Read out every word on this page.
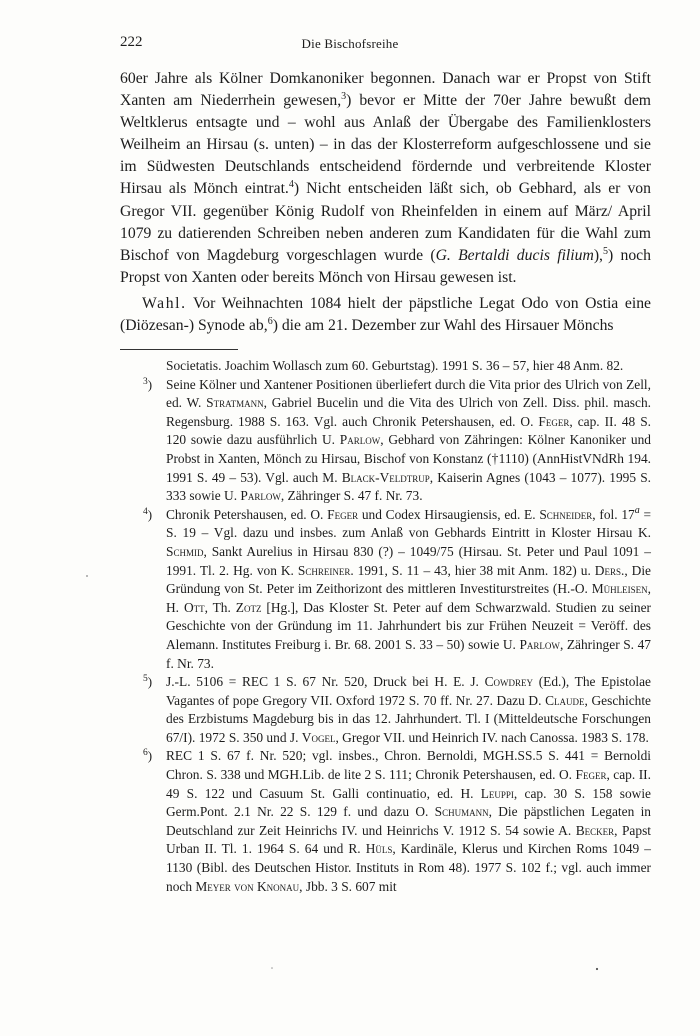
222	Die Bischofsreihe

60er Jahre als Kölner Domkanoniker begonnen. Danach war er Propst von Stift Xanten am Niederrhein gewesen,$^3$) bevor er Mitte der 70er Jahre bewußt dem Weltklerus entsagte und – wohl aus Anlaß der Übergabe des Familienklosters Weilheim an Hirsau (s. unten) – in das der Klosterreform aufgeschlossene und sie im Südwesten Deutschlands entscheidend fördernde und verbreitende Kloster Hirsau als Mönch eintrat.$^4$) Nicht entscheiden läßt sich, ob Gebhard, als er von Gregor VII. gegenüber König Rudolf von Rheinfelden in einem auf März/ April 1079 zu datierenden Schreiben neben anderen zum Kandidaten für die Wahl zum Bischof von Magdeburg vorgeschlagen wurde (G. Bertaldi ducis filium),$^5$) noch Propst von Xanten oder bereits Mönch von Hirsau gewesen ist.

Wahl. Vor Weihnachten 1084 hielt der päpstliche Legat Odo von Ostia eine (Diözesan-) Synode ab,$^6$) die am 21. Dezember zur Wahl des Hirsauer Mönchs

Societatis. Joachim Wollasch zum 60. Geburtstag). 1991 S. 36 – 57, hier 48 Anm. 82.

$^3$) Seine Kölner und Xantener Positionen überliefert durch die Vita prior des Ulrich von Zell, ed. W. Stratmann, Gabriel Bucelin und die Vita des Ulrich von Zell. Diss. phil. masch. Regensburg. 1988 S. 163. Vgl. auch Chronik Petershausen, ed. O. Feger, cap. II. 48 S. 120 sowie dazu ausführlich U. Parlow, Gebhard von Zähringen: Kölner Kanoniker und Probst in Xanten, Mönch zu Hirsau, Bischof von Konstanz (†1110) (AnnHistVNdRh 194. 1991 S. 49 – 53). Vgl. auch M. Black-Veldtrup, Kaiserin Agnes (1043 – 1077). 1995 S. 333 sowie U. Parlow, Zähringer S. 47 f. Nr. 73.

$^4$) Chronik Petershausen, ed. O. Feger und Codex Hirsaugiensis, ed. E. Schneider, fol. $17^a = S$. 19 – Vgl. dazu und insbes. zum Anlaß von Gebhards Eintritt in Kloster Hirsau K. Schmid, Sankt Aurelius in Hirsau 830 (?) – 1049/75 (Hirsau. St. Peter und Paul 1091 – 1991. Tl. 2. Hg. von K. Schreiner. 1991, S. 11 – 43, hier 38 mit Anm. 182) u. Ders., Die Gründung von St. Peter im Zeithorizont des mittleren Investiturstreites (H.-O. Mühleisen, H. Ott, Th. Zotz [Hg.], Das Kloster St. Peter auf dem Schwarzwald. Studien zu seiner Geschichte von der Gründung im 11. Jahrhundert bis zur Frühen Neuzeit = Veröff. des Alemann. Institutes Freiburg i. Br. 68. 2001 S. 33 – 50) sowie U. Parlow, Zähringer S. 47 f. Nr. 73.

$^5$) J.-L. 5106 = REC 1 S. 67 Nr. 520, Druck bei H. E. J. Cowdrey (Ed.), The Epistolae Vagantes of pope Gregory VII. Oxford 1972 S. 70 ff. Nr. 27. Dazu D. Claude, Geschichte des Erzbistums Magdeburg bis in das 12. Jahrhundert. Tl. I (Mitteldeutsche Forschungen 67/I). 1972 S. 350 und J. Vogel, Gregor VII. und Heinrich IV. nach Canossa. 1983 S. 178.

$^6$) REC 1 S. 67 f. Nr. 520; vgl. insbes., Chron. Bernoldi, MGH.SS.5 S. 441 = Bernoldi Chron. S. 338 und MGH.Lib. de lite 2 S. 111; Chronik Petershausen, ed. O. Feger, cap. II. 49 S. 122 und Casuum St. Galli continuatio, ed. H. Leuppi, cap. 30 S. 158 sowie Germ.Pont. 2.1 Nr. 22 S. 129 f. und dazu O. Schumann, Die päpstlichen Legaten in Deutschland zur Zeit Heinrichs IV. und Heinrichs V. 1912 S. 54 sowie A. Becker, Papst Urban II. Tl. 1. 1964 S. 64 und R. Hüls, Kardinäle, Klerus und Kirchen Roms 1049 – 1130 (Bibl. des Deutschen Histor. Instituts in Rom 48). 1977 S. 102 f.; vgl. auch immer noch Meyer von Knonau, Jbb. 3 S. 607 mit
